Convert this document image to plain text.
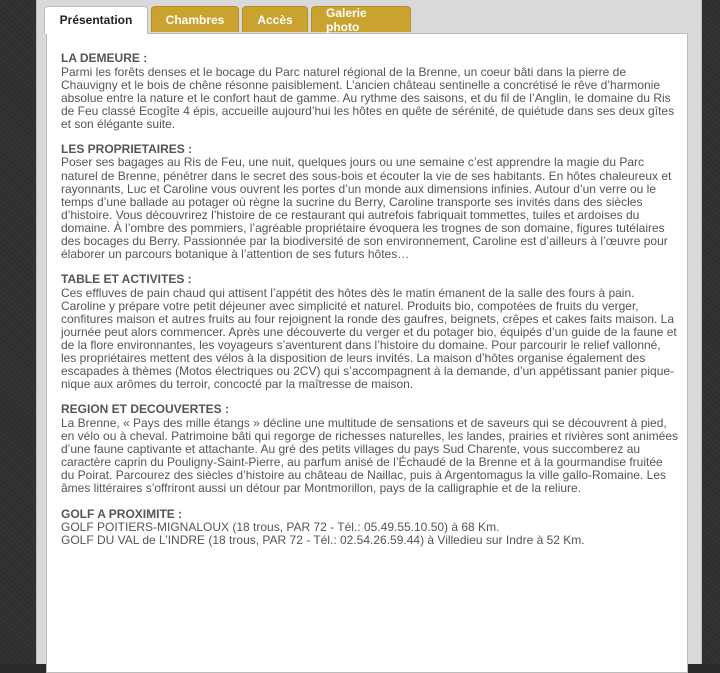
Présentation	Chambres	Accès	Galerie photo
LA DEMEURE :

Parmi les forêts denses et le bocage du Parc naturel régional de la Brenne, un coeur bâti dans la pierre de Chauvigny et le bois de chêne résonne paisiblement. L’ancien château sentinelle a concrétisé le rêve d’harmonie absolue entre la nature et le confort haut de gamme. Au rythme des saisons, et du fil de l’Anglin, le domaine du Ris de Feu classé Ecogîte 4 épis, accueille aujourd’hui les hôtes en quête de sérénité, de quiétude dans ses deux gîtes et son élégante suite.

LES PROPRIETAIRES :

Poser ses bagages au Ris de Feu, une nuit, quelques jours ou une semaine c’est apprendre la magie du Parc naturel de Brenne, pénétrer dans le secret des sous-bois et écouter la vie de ses habitants. En hôtes chaleureux et rayonnants, Luc et Caroline vous ouvrent les portes d’un monde aux dimensions infinies. Autour d’un verre ou le temps d’une ballade au potager où règne la sucrine du Berry, Caroline transporte ses invités dans des siècles d’histoire. Vous découvrirez l’histoire de ce restaurant qui autrefois fabriquait tommettes, tuiles et ardoises du domaine. À l’ombre des pommiers, l’agréable propriétaire évoquera les trognes de son domaine, figures tutélaires des bocages du Berry. Passionnée par la biodiversité de son environnement, Caroline est d’ailleurs à l’œuvre pour élaborer un parcours botanique à l’attention de ses futurs hôtes…

TABLE ET ACTIVITES :

Ces effluves de pain chaud qui attisent l’appétit des hôtes dès le matin émanent de la salle des fours à pain. Caroline y prépare votre petit déjeuner avec simplicité et naturel. Produits bio, compotées de fruits du verger, confitures maison et autres fruits au four rejoignent la ronde des gaufres, beignets, crêpes et cakes faits maison. La journée peut alors commencer. Après une découverte du verger et du potager bio, équipés d’un guide de la faune et de la flore environnantes, les voyageurs s’aventurent dans l’histoire du domaine. Pour parcourir le relief vallonné, les propriétaires mettent des vélos à la disposition de leurs invités. La maison d’hôtes organise également des escapades à thèmes (Motos électriques ou 2CV) qui s’accompagnent à la demande, d’un appétissant panier pique-nique aux arômes du terroir, concocté par la maîtresse de maison.

REGION ET DECOUVERTES :

La Brenne, « Pays des mille étangs » décline une multitude de sensations et de saveurs qui se découvrent à pied, en vélo ou à cheval. Patrimoine bâti qui regorge de richesses naturelles, les landes, prairies et rivières sont animées d’une faune captivante et attachante. Au gré des petits villages du pays Sud Charente, vous succomberez au caractère caprin du Pouligny-Saint-Pierre, au parfum anisé de l’Échaudé de la Brenne et à la gourmandise fruitée du Poirat. Parcourez des siècles d’histoire au château de Naillac, puis à Argentomagus la ville gallo-Romaine. Les âmes littéraires s’offriront aussi un détour par Montmorillon, pays de la calligraphie et de la reliure.

GOLF A PROXIMITE :

GOLF POITIERS-MIGNALOUX (18 trous, PAR 72 - Tél.: 05.49.55.10.50) à 68 Km.

GOLF DU VAL de L’INDRE (18 trous, PAR 72 - Tél.: 02.54.26.59.44) à Villedieu sur Indre à 52 Km.
